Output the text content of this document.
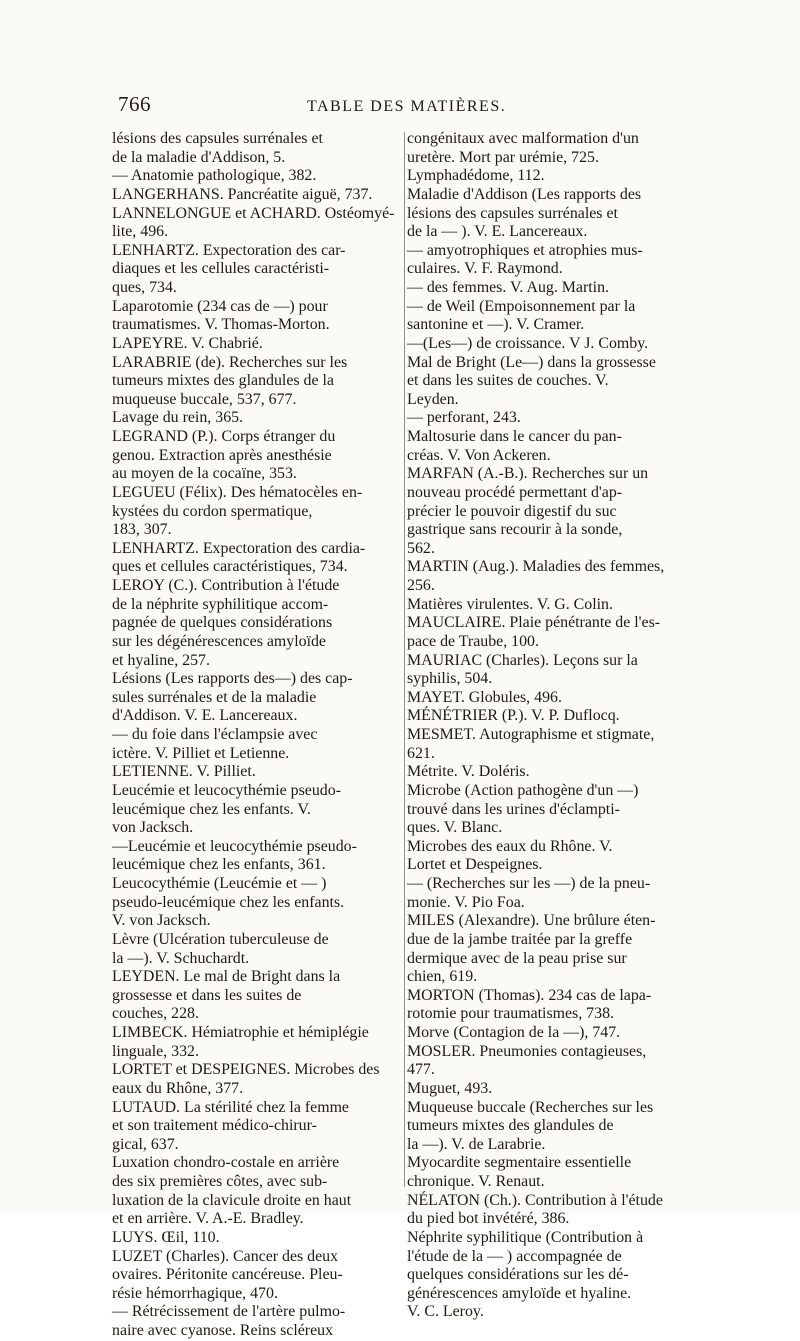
766	TABLE DES MATIÈRES.
lésions des capsules surrénales et
de la maladie d'Addison, 5.
— Anatomie pathologique, 382.
LANGERHANS. Pancréatite aiguë, 737.
LANNELONGUE et ACHARD. Ostéomyé-
lite, 496.
LENHARTZ. Expectoration des car-
diaques et les cellules caractéristi-
ques, 734.
Laparotomie (234 cas de —) pour
traumatismes. V. Thomas-Morton.
LAPEYRE. V. Chabrié.
LARABRIE (de). Recherches sur les
tumeurs mixtes des glandules de la
muqueuse buccale, 537, 677.
Lavage du rein, 365.
LEGRAND (P.). Corps étranger du
genou. Extraction après anesthésie
au moyen de la cocaïne, 353.
LEGUEU (Félix). Des hématocèles en-
kystées du cordon spermatique,
183, 307.
LENHARTZ. Expectoration des cardia-
ques et cellules caractéristiques, 734.
LEROY (C.). Contribution à l'étude
de la néphrite syphilitique accom-
pagnée de quelques considérations
sur les dégénérescences amyloïde
et hyaline, 257.
Lésions (Les rapports des—) des cap-
sules surrénales et de la maladie
d'Addison. V. E. Lancereaux.
— du foie dans l'éclampsie avec
ictère. V. Pilliet et Letienne.
LETIENNE. V. Pilliet.
Leucémie et leucocythémie pseudo-
leucémique chez les enfants. V.
von Jacksch.
—Leucémie et leucocythémie pseudo-
leucémique chez les enfants, 361.
Leucocythémie (Leucémie et — )
pseudo-leucémique chez les enfants.
V. von Jacksch.
Lèvre (Ulcération tuberculeuse de
la —). V. Schuchardt.
LEYDEN. Le mal de Bright dans la
grossesse et dans les suites de
couches, 228.
LIMBECK. Hémiatrophie et hémiplégie
linguale, 332.
LORTET et DESPEIGNES. Microbes des
eaux du Rhône, 377.
LUTAUD. La stérilité chez la femme
et son traitement médico-chirur-
gical, 637.
Luxation chondro-costale en arrière
des six premières côtes, avec sub-
luxation de la clavicule droite en haut
et en arrière. V. A.-E. Bradley.
LUYS. Œil, 110.
LUZET (Charles). Cancer des deux
ovaires. Péritonite cancéreuse. Pleu-
résie hémorrhagique, 470.
— Rétrécissement de l'artère pulmo-
naire avec cyanose. Reins scléreux
congénitaux avec malformation d'un
uretère. Mort par urémie, 725.
Lymphadédome, 112.
Maladie d'Addison (Les rapports des
lésions des capsules surrénales et
de la — ). V. E. Lancereaux.
— amyotrophiques et atrophies mus-
culaires. V. F. Raymond.
— des femmes. V. Aug. Martin.
— de Weil (Empoisonnement par la
santonine et —). V. Cramer.
—(Les—) de croissance. V J. Comby.
Mal de Bright (Le—) dans la grossesse
et dans les suites de couches. V.
Leyden.
— perforant, 243.
Maltosurie dans le cancer du pan-
créas. V. Von Ackeren.
MARFAN (A.-B.). Recherches sur un
nouveau procédé permettant d'ap-
précier le pouvoir digestif du suc
gastrique sans recourir à la sonde,
562.
MARTIN (Aug.). Maladies des femmes,
256.
Matières virulentes. V. G. Colin.
MAUCLAIRE. Plaie pénétrante de l'es-
pace de Traube, 100.
MAURIAC (Charles). Leçons sur la
syphilis, 504.
MAYET. Globules, 496.
MÉNÉTRIER (P.). V. P. Duflocq.
MESMET. Autographisme et stigmate,
621.
Métrite. V. Doléris.
Microbe (Action pathogène d'un —)
trouvé dans les urines d'éclampti-
ques. V. Blanc.
Microbes des eaux du Rhône. V.
Lortet et Despeignes.
— (Recherches sur les —) de la pneu-
monie. V. Pio Foa.
MILES (Alexandre). Une brûlure éten-
due de la jambe traitée par la greffe
dermique avec de la peau prise sur
chien, 619.
MORTON (Thomas). 234 cas de lapa-
rotomie pour traumatismes, 738.
Morve (Contagion de la —), 747.
MOSLER. Pneumonies contagieuses,
477.
Muguet, 493.
Muqueuse buccale (Recherches sur les
tumeurs mixtes des glandules de
la —). V. de Larabrie.
Myocardite segmentaire essentielle
chronique. V. Renaut.
NÉLATON (Ch.). Contribution à l'étude
du pied bot invétéré, 386.
Néphrite syphilitique (Contribution à
l'étude de la — ) accompagnée de
quelques considérations sur les dé-
générescences amyloïde et hyaline.
V. C. Leroy.
